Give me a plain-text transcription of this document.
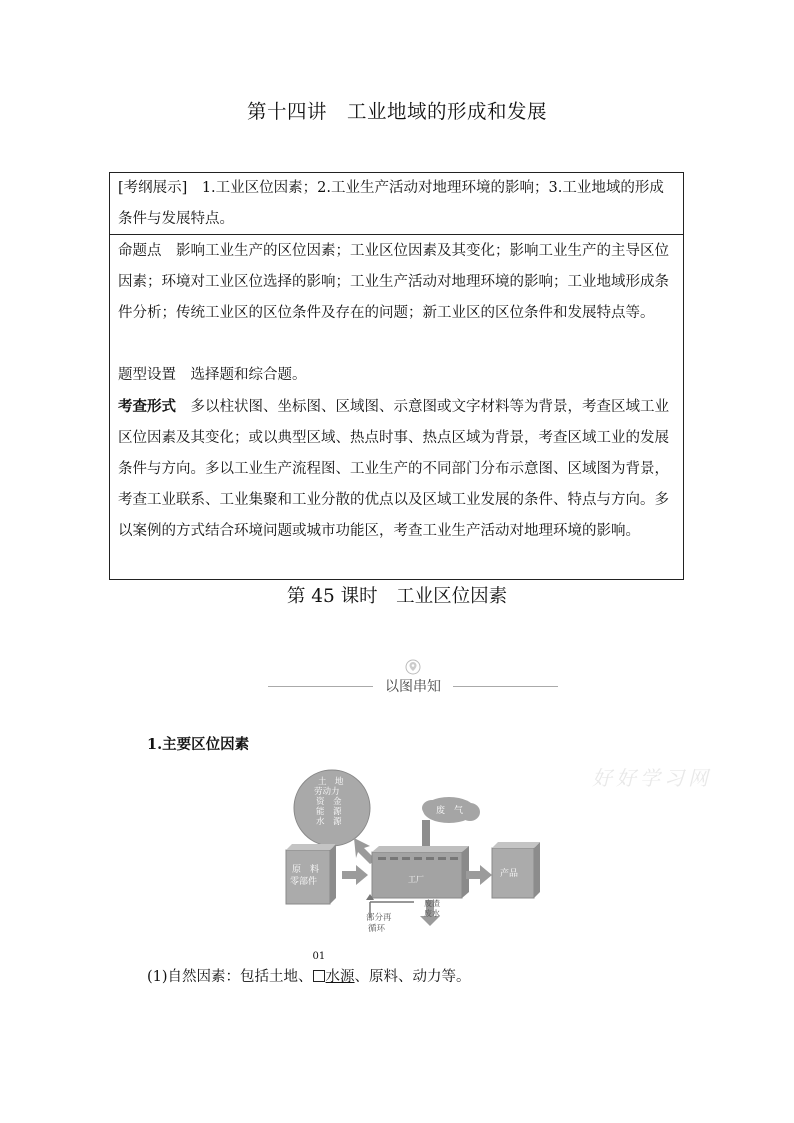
第十四讲　工业地域的形成和发展
[考纲展示]　1.工业区位因素；2.工业生产活动对地理环境的影响；3.工业地域的形成条件与发展特点。
命题点　影响工业生产的区位因素；工业区位因素及其变化；影响工业生产的主导区位因素；环境对工业区位选择的影响；工业生产活动对地理环境的影响；工业地域形成条件分析；传统工业区的区位条件及存在的问题；新工业区的区位条件和发展特点等。
题型设置　选择题和综合题。
考查形式　多以柱状图、坐标图、区域图、示意图或文字材料等为背景，考查区域工业区位因素及其变化；或以典型区域、热点时事、热点区域为背景，考查区域工业的发展条件与方向。多以工业生产流程图、工业生产的不同部门分布示意图、区域图为背景，考查工业联系、工业集聚和工业分散的优点以及区域工业发展的条件、特点与方向。多以案例的方式结合环境问题或城市功能区，考查工业生产活动对地理环境的影响。
第 45 课时　工业区位因素
以图串知
1.主要区位因素
好好学习网
土　地
劳动力
资　金
能　源
水　源
废　气
工厂
原　料
零部件
产品
部分再
循环
废渣
废水
(1)自然因素：包括土地、
01
水源、原料、动力等。
